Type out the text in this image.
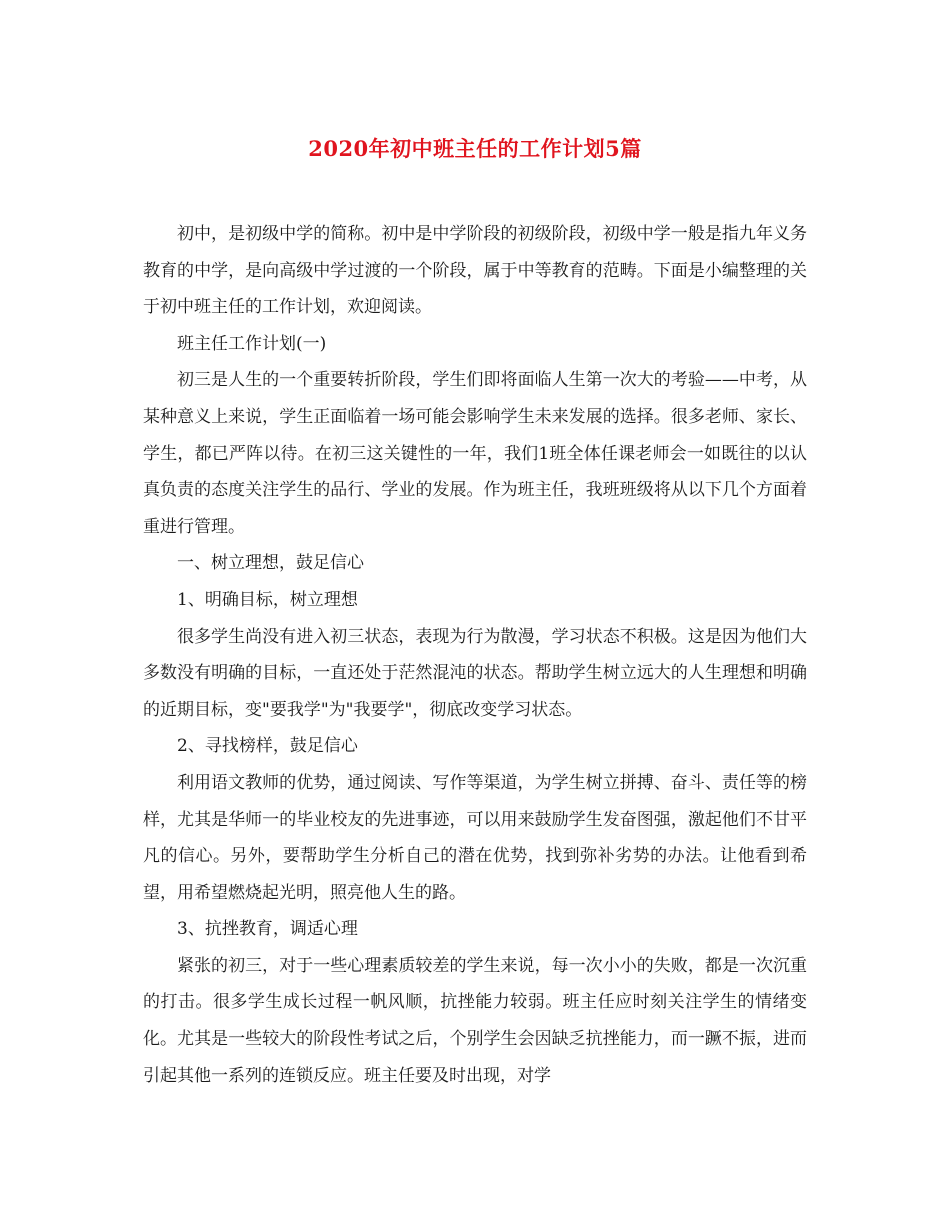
2020年初中班主任的工作计划5篇

初中，是初级中学的简称。初中是中学阶段的初级阶段，初级中学一般是指九年义务教育的中学，是向高级中学过渡的一个阶段，属于中等教育的范畴。下面是小编整理的关于初中班主任的工作计划，欢迎阅读。

班主任工作计划(一)

初三是人生的一个重要转折阶段，学生们即将面临人生第一次大的考验——中考，从某种意义上来说，学生正面临着一场可能会影响学生未来发展的选择。很多老师、家长、学生，都已严阵以待。在初三这关键性的一年，我们1班全体任课老师会一如既往的以认真负责的态度关注学生的品行、学业的发展。作为班主任，我班班级将从以下几个方面着重进行管理。

一、树立理想，鼓足信心

1、明确目标，树立理想

很多学生尚没有进入初三状态，表现为行为散漫，学习状态不积极。这是因为他们大多数没有明确的目标，一直还处于茫然混沌的状态。帮助学生树立远大的人生理想和明确的近期目标，变"要我学"为"我要学"，彻底改变学习状态。

2、寻找榜样，鼓足信心

利用语文教师的优势，通过阅读、写作等渠道，为学生树立拼搏、奋斗、责任等的榜样，尤其是华师一的毕业校友的先进事迹，可以用来鼓励学生发奋图强，激起他们不甘平凡的信心。另外，要帮助学生分析自己的潜在优势，找到弥补劣势的办法。让他看到希望，用希望燃烧起光明，照亮他人生的路。

3、抗挫教育，调适心理

紧张的初三，对于一些心理素质较差的学生来说，每一次小小的失败，都是一次沉重的打击。很多学生成长过程一帆风顺，抗挫能力较弱。班主任应时刻关注学生的情绪变化。尤其是一些较大的阶段性考试之后，个别学生会因缺乏抗挫能力，而一蹶不振，进而引起其他一系列的连锁反应。班主任要及时出现，对学
